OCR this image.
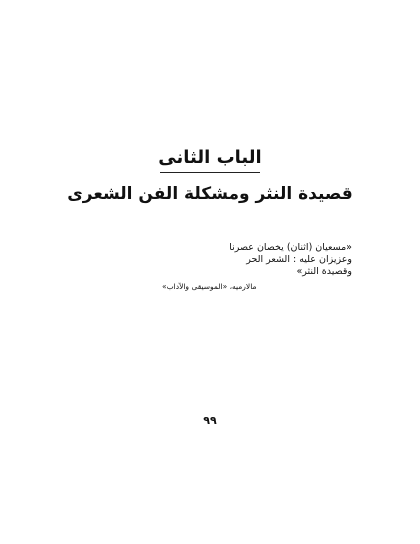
الباب الثانى
قصيدة النثر ومشكلة الفن الشعرى
«مسعيان (اثنان) يخصان عصرنا
وعزيزان عليه : الشعر الحر
وقصيدة النثر»
مالارميه، «الموسيقى والآداب»
٩٩
